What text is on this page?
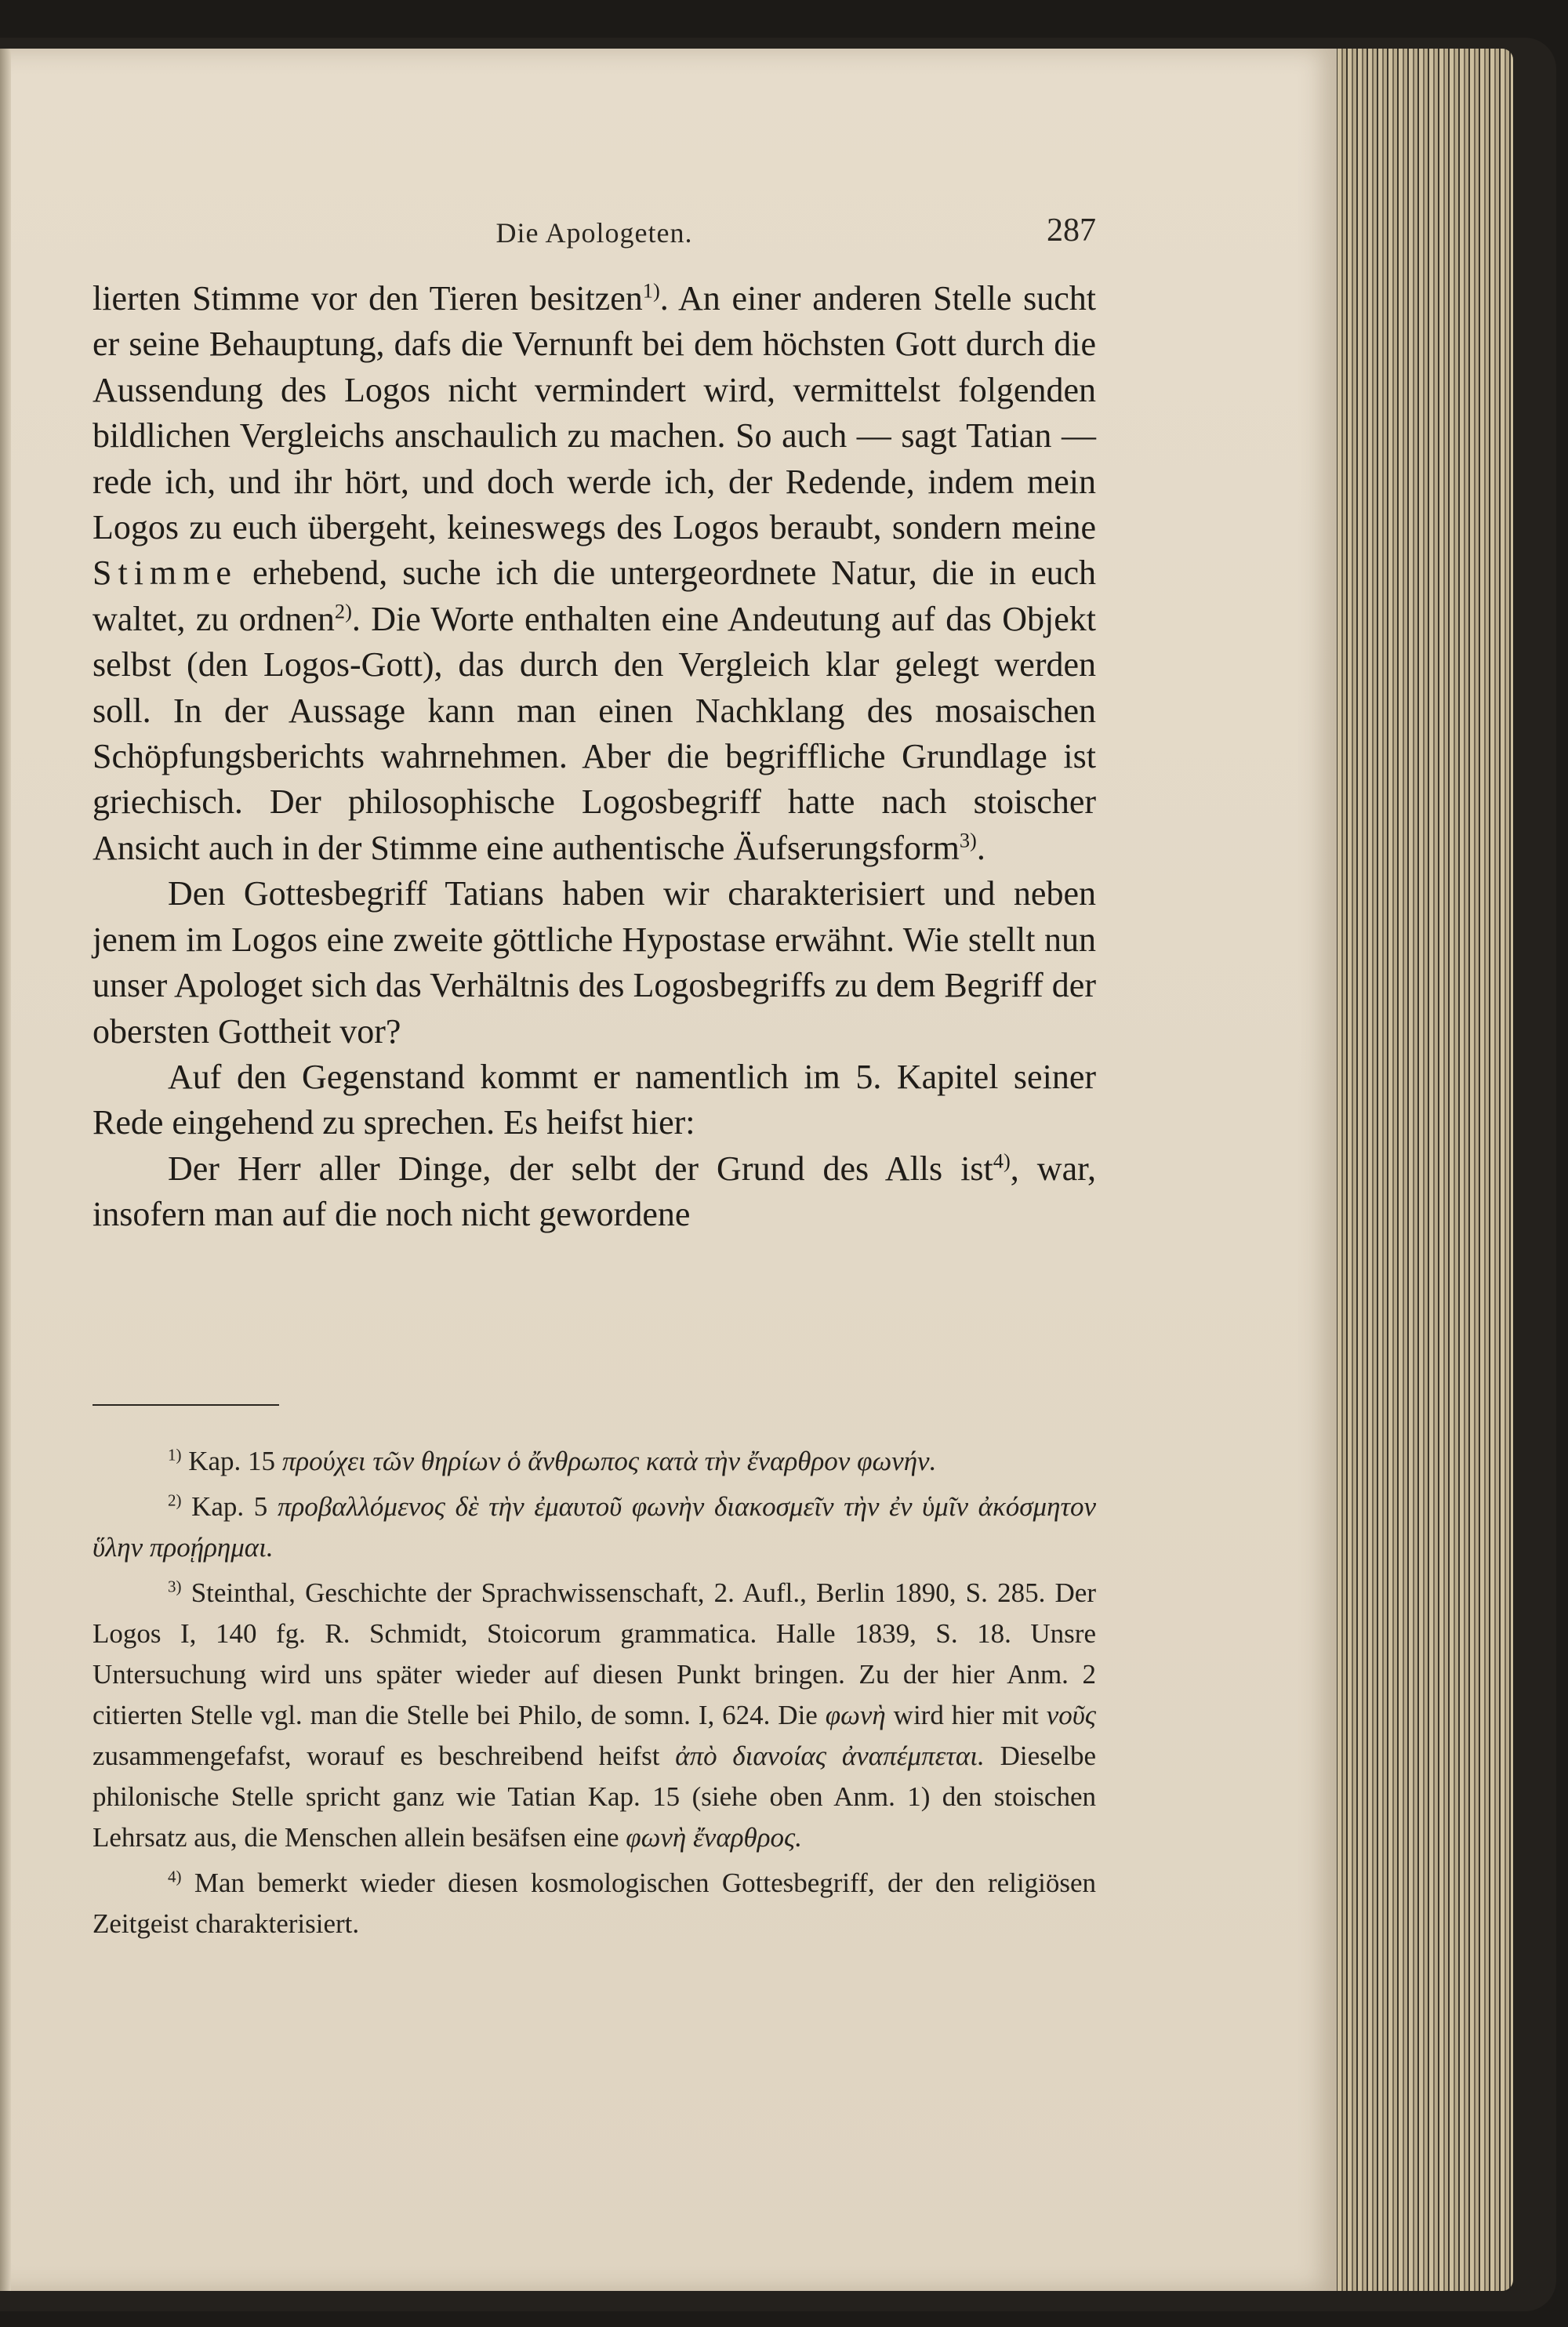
Die Apologeten.	287

lierten Stimme vor den Tieren besitzen$^{1)}$. An einer anderen Stelle sucht er seine Behauptung, dafs die Vernunft bei dem höchsten Gott durch die Aussendung des Logos nicht vermindert wird, vermittelst folgenden bildlichen Vergleichs anschaulich zu machen. So auch — sagt Tatian — rede ich, und ihr hört, und doch werde ich, der Redende, indem mein Logos zu euch übergeht, keineswegs des Logos beraubt, sondern meine Stimme erhebend, suche ich die untergeordnete Natur, die in euch waltet, zu ordnen$^{2)}$. Die Worte enthalten eine Andeutung auf das Objekt selbst (den Logos-Gott), das durch den Vergleich klar gelegt werden soll. In der Aussage kann man einen Nachklang des mosaischen Schöpfungsberichts wahrnehmen. Aber die begriffliche Grundlage ist griechisch. Der philosophische Logosbegriff hatte nach stoischer Ansicht auch in der Stimme eine authentische Äufserungsform$^{3)}$.

Den Gottesbegriff Tatians haben wir charakterisiert und neben jenem im Logos eine zweite göttliche Hypostase erwähnt. Wie stellt nun unser Apologet sich das Verhältnis des Logosbegriffs zu dem Begriff der obersten Gottheit vor?

Auf den Gegenstand kommt er namentlich im 5. Kapitel seiner Rede eingehend zu sprechen. Es heifst hier:

Der Herr aller Dinge, der selbt der Grund des Alls ist$^{4)}$, war, insofern man auf die noch nicht gewordene

$^{1)}$ Kap. 15 προύχει τῶν θηρίων ὁ ἄνθρωπος κατὰ τὴν ἔναρθρον φωνήν.

$^{2)}$ Kap. 5 προβαλλόμενος δὲ τὴν ἐμαυτοῦ φωνὴν διακοσμεῖν τὴν ἐν ὑμῖν ἀκόσμητον ὕλην προῄρημαι.

$^{3)}$ Steinthal, Geschichte der Sprachwissenschaft, 2. Aufl., Berlin 1890, S. 285. Der Logos I, 140 fg. R. Schmidt, Stoicorum grammatica. Halle 1839, S. 18. Unsre Untersuchung wird uns später wieder auf diesen Punkt bringen. Zu der hier Anm. 2 citierten Stelle vgl. man die Stelle bei Philo, de somn. I, 624. Die φωνὴ wird hier mit νοῦς zusammengefafst, worauf es beschreibend heifst ἀπὸ διανοίας ἀναπέμπεται. Dieselbe philonische Stelle spricht ganz wie Tatian Kap. 15 (siehe oben Anm. 1) den stoischen Lehrsatz aus, die Menschen allein besäfsen eine φωνὴ ἔναρθρος.

$^{4)}$ Man bemerkt wieder diesen kosmologischen Gottesbegriff, der den religiösen Zeitgeist charakterisiert.
